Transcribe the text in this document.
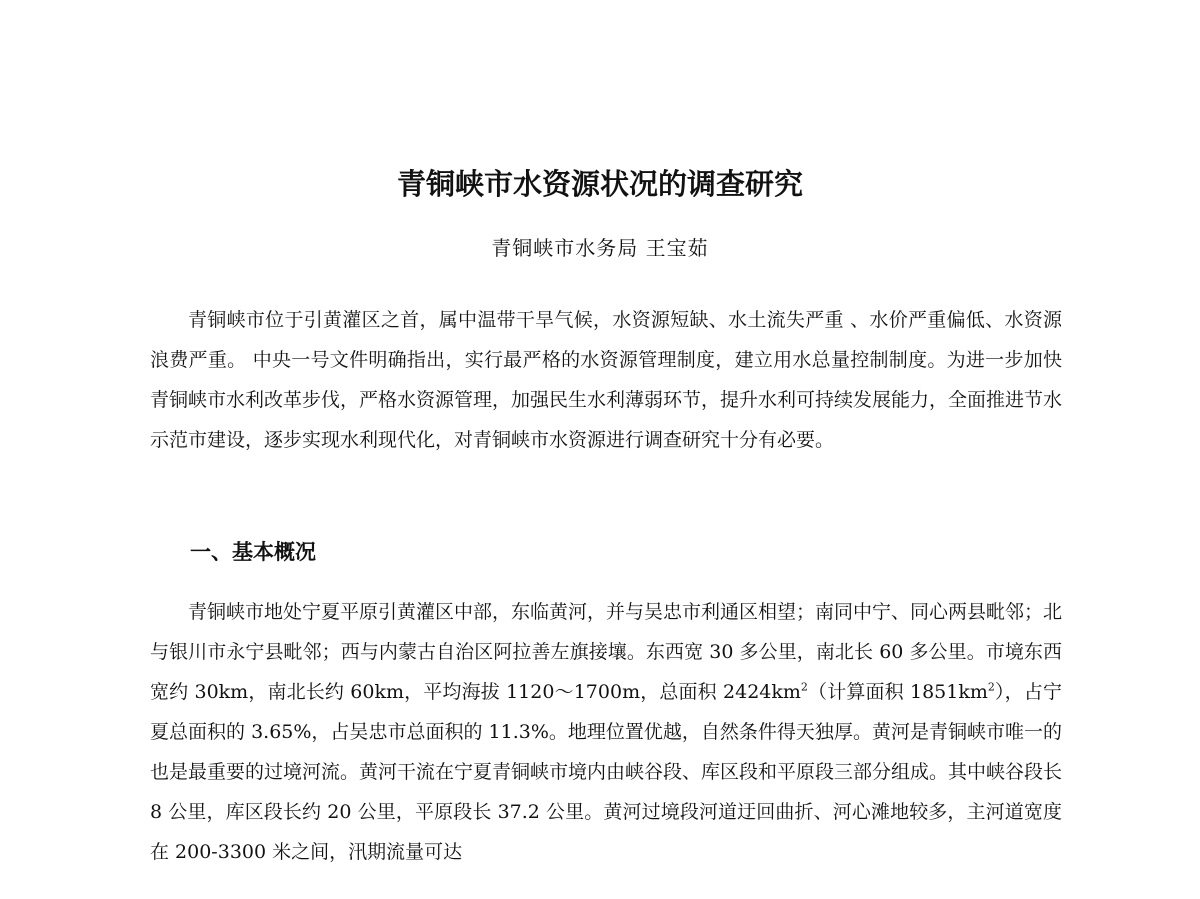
青铜峡市水资源状况的调查研究
青铜峡市水务局 王宝茹

青铜峡市位于引黄灌区之首，属中温带干旱气候，水资源短缺、水土流失严重 、水价严重偏低、水资源浪费严重。 中央一号文件明确指出，实行最严格的水资源管理制度，建立用水总量控制制度。为进一步加快青铜峡市水利改革步伐，严格水资源管理，加强民生水利薄弱环节，提升水利可持续发展能力，全面推进节水示范市建设，逐步实现水利现代化，对青铜峡市水资源进行调查研究十分有必要。

一、基本概况

青铜峡市地处宁夏平原引黄灌区中部，东临黄河，并与吴忠市利通区相望；南同中宁、同心两县毗邻；北与银川市永宁县毗邻；西与内蒙古自治区阿拉善左旗接壤。东西宽 30 多公里，南北长 60 多公里。市境东西宽约 30km，南北长约 60km，平均海拔 1120～1700m，总面积 $2424km^2$（计算面积 $1851km^2$），占宁夏总面积的 3.65%，占吴忠市总面积的 11.3%。地理位置优越，自然条件得天独厚。黄河是青铜峡市唯一的也是最重要的过境河流。黄河干流在宁夏青铜峡市境内由峡谷段、库区段和平原段三部分组成。其中峡谷段长 8 公里，库区段长约 20 公里，平原段长 37.2 公里。黄河过境段河道迂回曲折、河心滩地较多，主河道宽度在 200-3300 米之间，汛期流量可达
